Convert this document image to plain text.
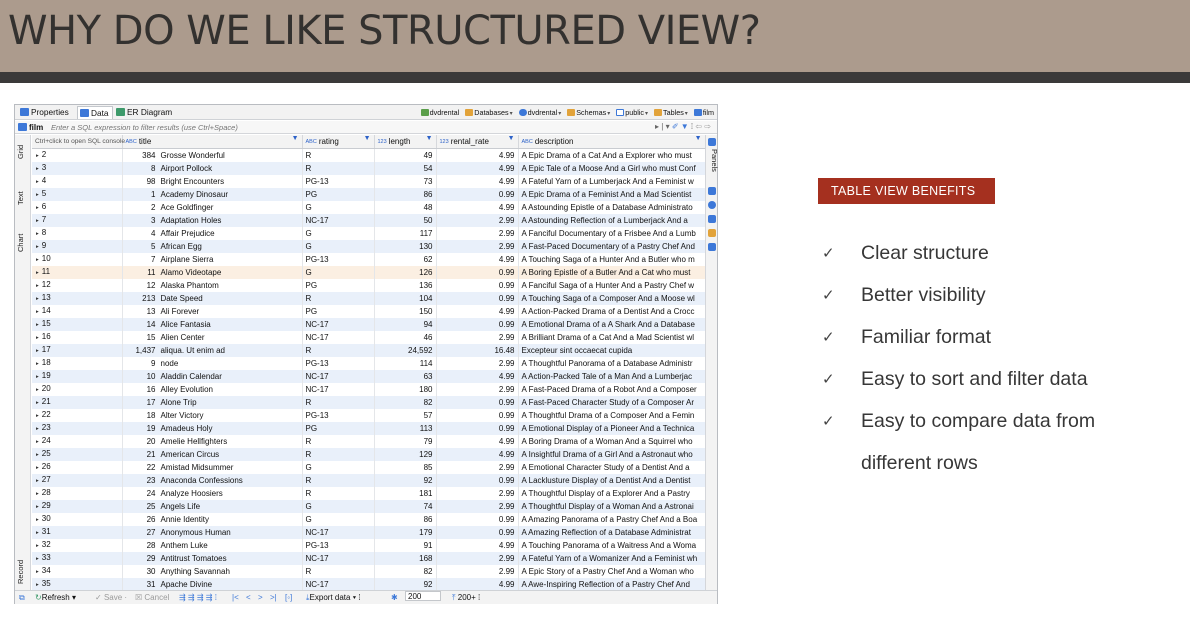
WHY DO WE LIKE STRUCTURED VIEW?
Properties	Data	ER Diagram	dvdrental Databases▾ dvdrental▾ Schemas▾ public▾ Tables▾ film
film
Enter a SQL expression to filter results (use Ctrl+Space)	▸ | ▾ ✐ ▼ ⁞ ⇦ ⇨
Grid
Text
Chart
Record
Ctrl+click to open SQL console	ABC title ▼	ABC rating ▼	123 length ▼	123 rental_rate ▼	ABC description ▼

▸ 2	384 Grosse Wonderful	R	49	4.99	A Epic Drama of a Cat And a Explorer who must
▸ 3	8 Airport Pollock	R	54	4.99	A Epic Tale of a Moose And a Girl who must Conf
▸ 4	98 Bright Encounters	PG-13	73	4.99	A Fateful Yarn of a Lumberjack And a Feminist w
▸ 5	1 Academy Dinosaur	PG	86	0.99	A Epic Drama of a Feminist And a Mad Scientist
▸ 6	2 Ace Goldfinger	G	48	4.99	A Astounding Epistle of a Database Administrato
▸ 7	3 Adaptation Holes	NC-17	50	2.99	A Astounding Reflection of a Lumberjack And a
▸ 8	4 Affair Prejudice	G	117	2.99	A Fanciful Documentary of a Frisbee And a Lumb
▸ 9	5 African Egg	G	130	2.99	A Fast-Paced Documentary of a Pastry Chef And
▸ 10	7 Airplane Sierra	PG-13	62	4.99	A Touching Saga of a Hunter And a Butler who m
▸ 11	11 Alamo Videotape	G	126	0.99	A Boring Epistle of a Butler And a Cat who must
▸ 12	12 Alaska Phantom	PG	136	0.99	A Fanciful Saga of a Hunter And a Pastry Chef w
▸ 13	213 Date Speed	R	104	0.99	A Touching Saga of a Composer And a Moose wl
▸ 14	13 Ali Forever	PG	150	4.99	A Action-Packed Drama of a Dentist And a Crocc
▸ 15	14 Alice Fantasia	NC-17	94	0.99	A Emotional Drama of a A Shark And a Database
▸ 16	15 Alien Center	NC-17	46	2.99	A Brilliant Drama of a Cat And a Mad Scientist wl
▸ 17	1,437 aliqua. Ut enim ad	R	24,592	16.48	Excepteur sint occaecat cupida
▸ 18	9 node	PG-13	114	2.99	A Thoughtful Panorama of a Database Administr
▸ 19	10 Aladdin Calendar	NC-17	63	4.99	A Action-Packed Tale of a Man And a Lumberjac
▸ 20	16 Alley Evolution	NC-17	180	2.99	A Fast-Paced Drama of a Robot And a Composer
▸ 21	17 Alone Trip	R	82	0.99	A Fast-Paced Character Study of a Composer Ar
▸ 22	18 Alter Victory	PG-13	57	0.99	A Thoughtful Drama of a Composer And a Femin
▸ 23	19 Amadeus Holy	PG	113	0.99	A Emotional Display of a Pioneer And a Technica
▸ 24	20 Amelie Hellfighters	R	79	4.99	A Boring Drama of a Woman And a Squirrel who
▸ 25	21 American Circus	R	129	4.99	A Insightful Drama of a Girl And a Astronaut who
▸ 26	22 Amistad Midsummer	G	85	2.99	A Emotional Character Study of a Dentist And a
▸ 27	23 Anaconda Confessions	R	92	0.99	A Lacklusture Display of a Dentist And a Dentist
▸ 28	24 Analyze Hoosiers	R	181	2.99	A Thoughtful Display of a Explorer And a Pastry
▸ 29	25 Angels Life	G	74	2.99	A Thoughtful Display of a Woman And a Astronai
▸ 30	26 Annie Identity	G	86	0.99	A Amazing Panorama of a Pastry Chef And a Boa
▸ 31	27 Anonymous Human	NC-17	179	0.99	A Amazing Reflection of a Database Administrat
▸ 32	28 Anthem Luke	PG-13	91	4.99	A Touching Panorama of a Waitress And a Woma
▸ 33	29 Antitrust Tomatoes	NC-17	168	2.99	A Fateful Yarn of a Womanizer And a Feminist wh
▸ 34	30 Anything Savannah	R	82	2.99	A Epic Story of a Pastry Chef And a Woman who
▸ 35	31 Apache Divine	NC-17	92	4.99	A Awe-Inspiring Reflection of a Pastry Chef And
Panels
⧉ ↻Refresh ▾ ✓ Save · ☒ Cancel ⇶ ⇶ ⇶ ⇶ ⁞ |< < > >| [◦] ⤓Export data ▾ ⁞	✱	200	⤒ 200+ ⁞
TABLE VIEW BENEFITS
✓ Clear structure
✓ Better visibility
✓ Familiar format
✓ Easy to sort and filter data
✓ Easy to compare data from
different rows
